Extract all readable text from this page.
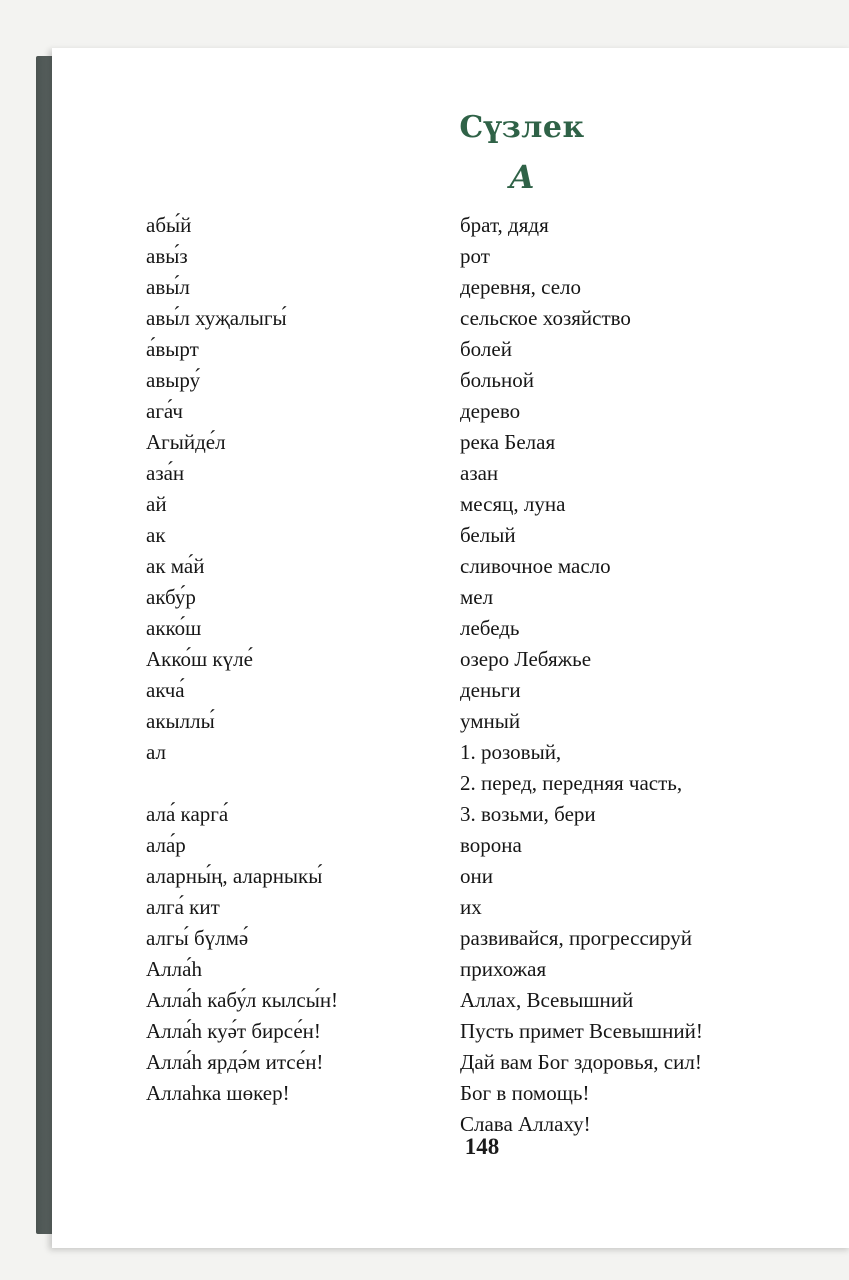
Сүзлек
А
абы́й
авы́з
авы́л
авы́л хуҗалыгы́
а́вырт
авыру́
ага́ч
Агыйде́л
аза́н
ай
ак
ак ма́й
акбу́р
акко́ш
Акко́ш күле́
акча́
акыллы́
ал
ала́ карга́
ала́р
аларны́ң, аларныкы́
алга́ кит
алгы́ бүлмә́
Алла́һ
Алла́һ кабу́л кылсы́н!
Алла́һ куә́т бирсе́н!
Алла́һ ярдә́м итсе́н!
Аллаһка шөкер!
брат, дядя
рот
деревня, село
сельское хозяйство
болей
больной
дерево
река Белая
азан
месяц, луна
белый
сливочное масло
мел
лебедь
озеро Лебяжье
деньги
умный
1. розовый,
2. перед, передняя часть,
3. возьми, бери
ворона
они
их
развивайся, прогрессируй
прихожая
Аллах, Всевышний
Пусть примет Всевышний!
Дай вам Бог здоровья, сил!
Бог в помощь!
Слава Аллаху!

148
